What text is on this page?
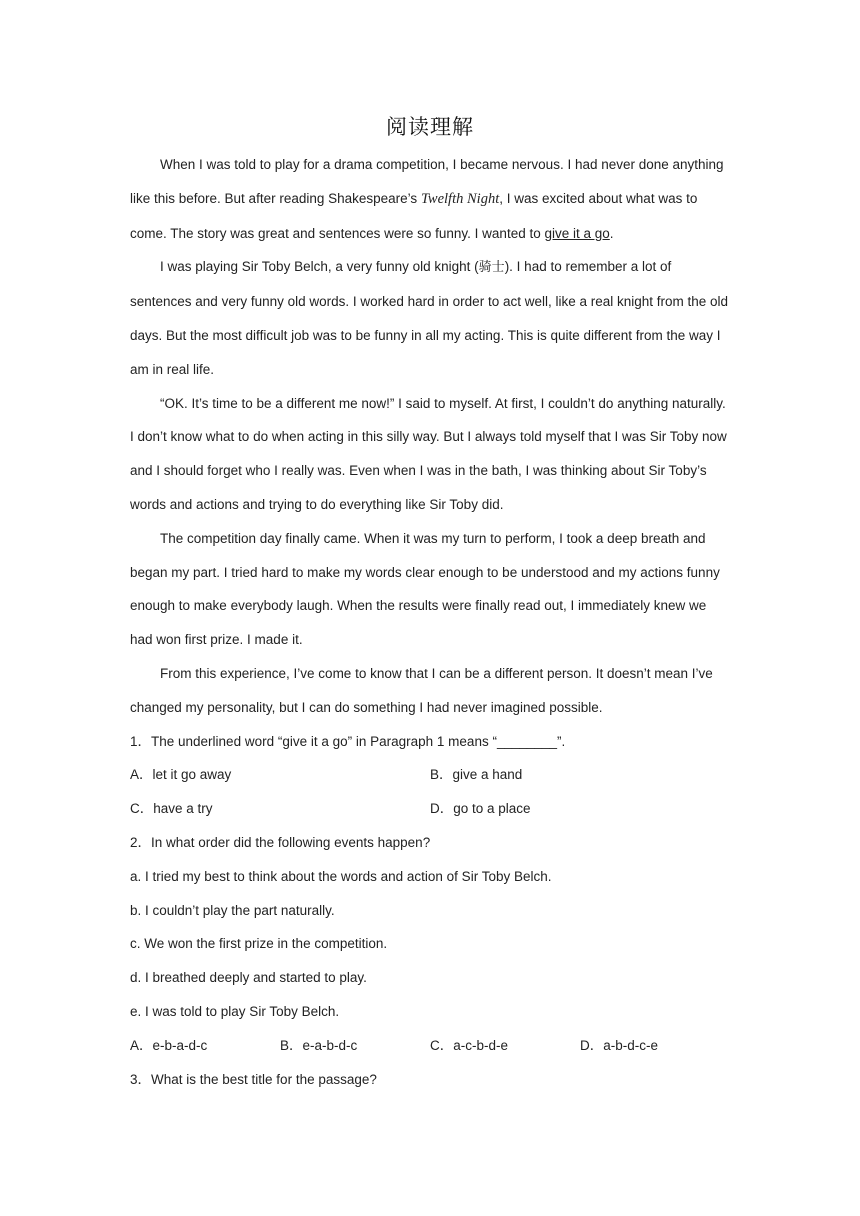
阅读理解

When I was told to play for a drama competition, I became nervous. I had never done anything like this before. But after reading Shakespeare’s Twelfth Night, I was excited about what was to come. The story was great and sentences were so funny. I wanted to give it a go.

I was playing Sir Toby Belch, a very funny old knight (骑士). I had to remember a lot of sentences and very funny old words. I worked hard in order to act well, like a real knight from the old days. But the most difficult job was to be funny in all my acting. This is quite different from the way I am in real life.

“OK. It’s time to be a different me now!” I said to myself. At first, I couldn’t do anything naturally. I don’t know what to do when acting in this silly way. But I always told myself that I was Sir Toby now and I should forget who I really was. Even when I was in the bath, I was thinking about Sir Toby’s words and actions and trying to do everything like Sir Toby did.

The competition day finally came. When it was my turn to perform, I took a deep breath and began my part. I tried hard to make my words clear enough to be understood and my actions funny enough to make everybody laugh. When the results were finally read out, I immediately knew we had won first prize. I made it.

From this experience, I’ve come to know that I can be a different person. It doesn’t mean I’ve changed my personality, but I can do something I had never imagined possible.

1．The underlined word “give it a go” in Paragraph 1 means “________”.
A．let it go away	B．give a hand
C．have a try	D．go to a place
2．In what order did the following events happen?
a. I tried my best to think about the words and action of Sir Toby Belch.
b. I couldn’t play the part naturally.
c. We won the first prize in the competition.
d. I breathed deeply and started to play.
e. I was told to play Sir Toby Belch.
A．e-b-a-d-c	B．e-a-b-d-c	C．a-c-b-d-e	D．a-b-d-c-e
3．What is the best title for the passage?
